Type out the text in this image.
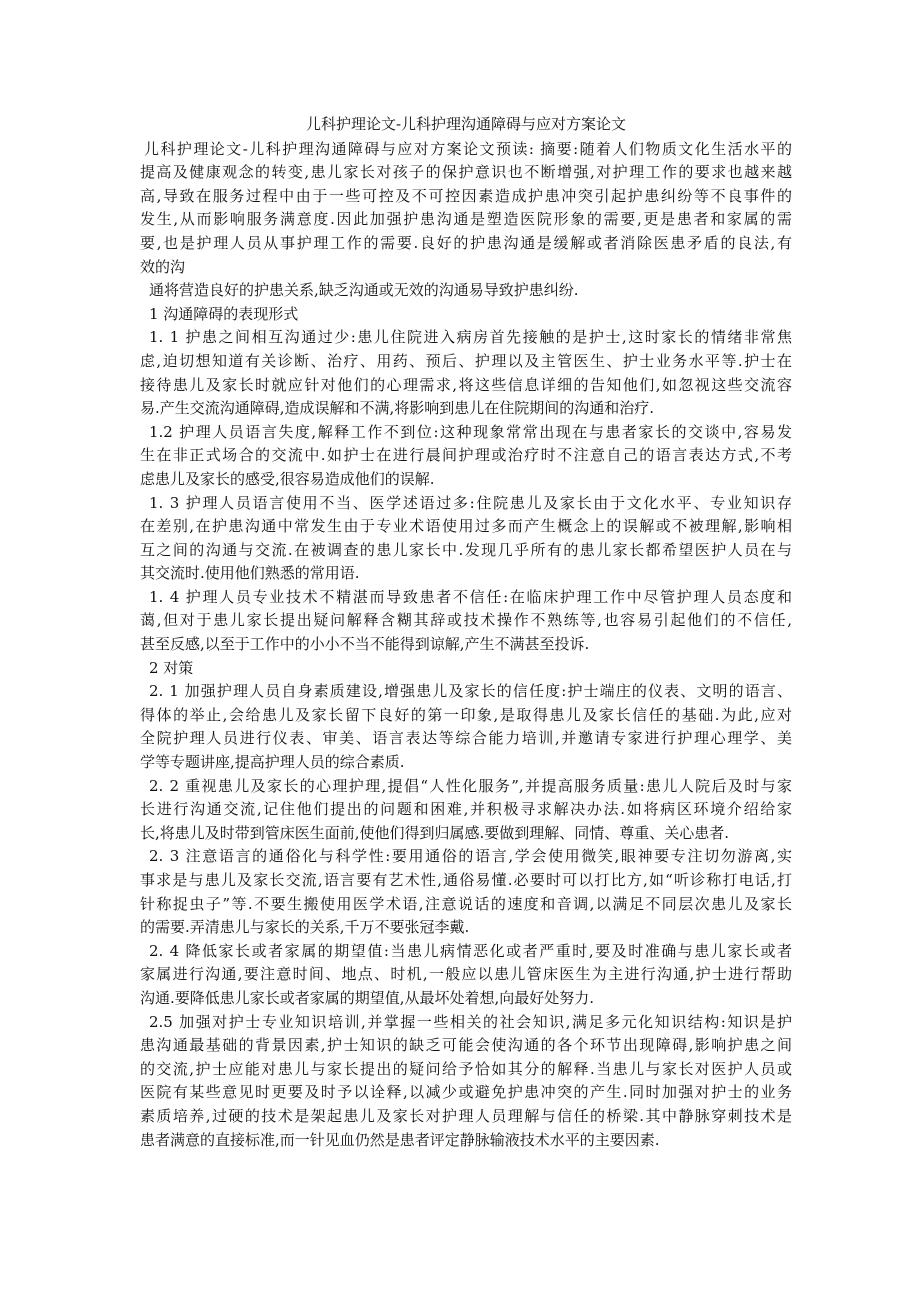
儿科护理论文-儿科护理沟通障碍与应对方案论文
儿科护理论文-儿科护理沟通障碍与应对方案论文预读: 摘要:随着人们物质文化生活水平的
提高及健康观念的转变,患儿家长对孩子的保护意识也不断增强,对护理工作的要求也越来越
高,导致在服务过程中由于一些可控及不可控因素造成护患冲突引起护患纠纷等不良事件的
发生,从而影响服务满意度.因此加强护患沟通是塑造医院形象的需要,更是患者和家属的需
要,也是护理人员从事护理工作的需要.良好的护患沟通是缓解或者消除医患矛盾的良法,有
效的沟
通将营造良好的护患关系,缺乏沟通或无效的沟通易导致护患纠纷.
1 沟通障碍的表现形式
1. 1 护患之间相互沟通过少:患儿住院进入病房首先接触的是护士,这时家长的情绪非常焦
虑,迫切想知道有关诊断、治疗、用药、预后、护理以及主管医生、护士业务水平等.护士在
接待患儿及家长时就应针对他们的心理需求,将这些信息详细的告知他们,如忽视这些交流容
易.产生交流沟通障碍,造成误解和不满,将影响到患儿在住院期间的沟通和治疗.
1.2 护理人员语言失度,解释工作不到位:这种现象常常出现在与患者家长的交谈中,容易发
生在非正式场合的交流中.如护士在进行晨间护理或治疗时不注意自己的语言表达方式,不考
虑患儿及家长的感受,很容易造成他们的误解.
1. 3 护理人员语言使用不当、医学述语过多:住院患儿及家长由于文化水平、专业知识存
在差别,在护患沟通中常发生由于专业术语使用过多而产生概念上的误解或不被理解,影响相
互之间的沟通与交流.在被调查的患儿家长中.发现几乎所有的患儿家长都希望医护人员在与
其交流时.使用他们熟悉的常用语.
1. 4 护理人员专业技术不精湛而导致患者不信任:在临床护理工作中尽管护理人员态度和
蔼,但对于患儿家长提出疑问解释含糊其辞或技术操作不熟练等,也容易引起他们的不信任,
甚至反感,以至于工作中的小小不当不能得到谅解,产生不满甚至投诉.
2 对策
2. 1 加强护理人员自身素质建设,增强患儿及家长的信任度:护士端庄的仪表、文明的语言、
得体的举止,会给患儿及家长留下良好的第一印象,是取得患儿及家长信任的基础.为此,应对
全院护理人员进行仪表、审美、语言表达等综合能力培训,并邀请专家进行护理心理学、美
学等专题讲座,提高护理人员的综合素质.
2. 2 重视患儿及家长的心理护理,提倡“人性化服务”,并提高服务质量:患儿人院后及时与家
长进行沟通交流,记住他们提出的问题和困难,并积极寻求解决办法.如将病区环境介绍给家
长,将患儿及时带到管床医生面前,使他们得到归属感.要做到理解、同情、尊重、关心患者.
2. 3 注意语言的通俗化与科学性:要用通俗的语言,学会使用微笑,眼神要专注切勿游离,实
事求是与患儿及家长交流,语言要有艺术性,通俗易懂.必要时可以打比方,如“听诊称打电话,打
针称捉虫子”等.不要生搬使用医学术语,注意说话的速度和音调,以满足不同层次患儿及家长
的需要.弄清患儿与家长的关系,千万不要张冠李戴.
2. 4 降低家长或者家属的期望值:当患儿病情恶化或者严重时,要及时准确与患儿家长或者
家属进行沟通,要注意时间、地点、时机,一般应以患儿管床医生为主进行沟通,护士进行帮助
沟通.要降低患儿家长或者家属的期望值,从最坏处着想,向最好处努力.
2.5 加强对护士专业知识培训,并掌握一些相关的社会知识,满足多元化知识结构:知识是护
患沟通最基础的背景因素,护士知识的缺乏可能会使沟通的各个环节出现障碍,影响护患之间
的交流,护士应能对患儿与家长提出的疑问给予恰如其分的解释.当患儿与家长对医护人员或
医院有某些意见时更要及时予以诠释,以减少或避免护患冲突的产生.同时加强对护士的业务
素质培养,过硬的技术是架起患儿及家长对护理人员理解与信任的桥梁.其中静脉穿刺技术是
患者满意的直接标准,而一针见血仍然是患者评定静脉输液技术水平的主要因素.
